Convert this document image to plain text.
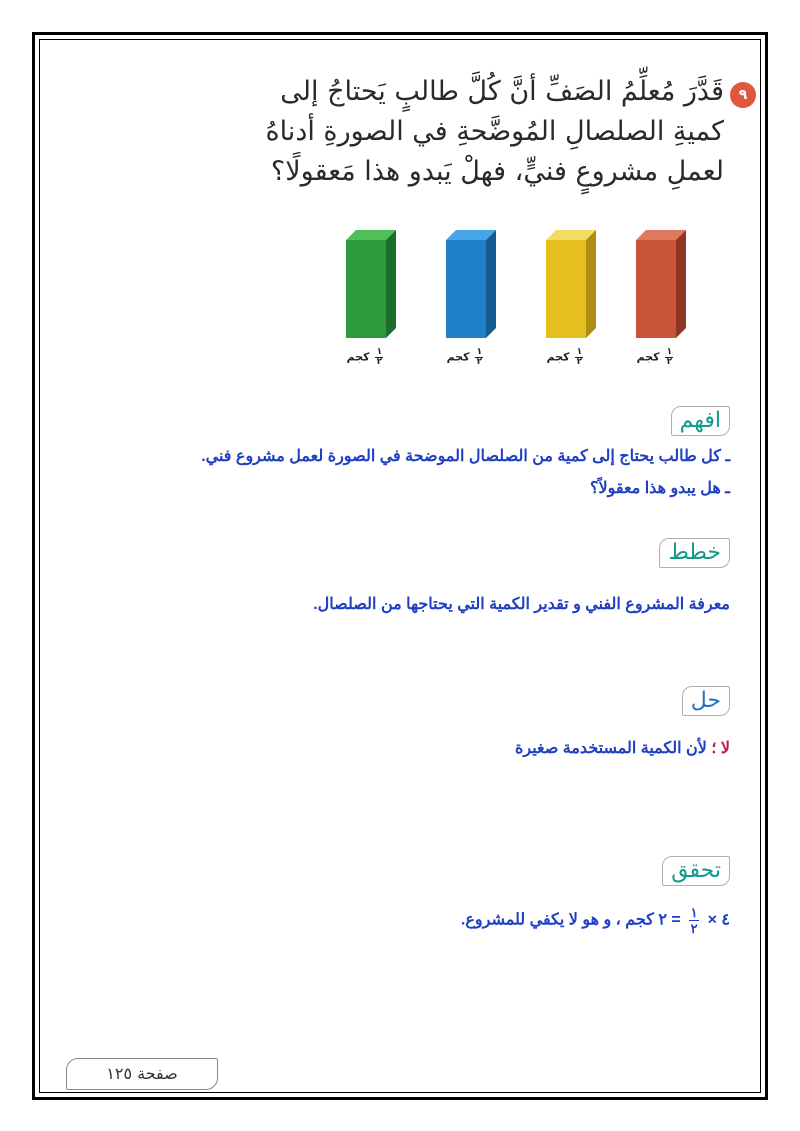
٩
قَدَّرَ مُعلِّمُ الصَفِّ أنَّ كُلَّ طالبٍ يَحتاجُ إلى
كميةِ الصلصالِ المُوضَّحةِ في الصورةِ أدناهُ
لعملِ مشروعٍ فنيٍّ، فهلْ يَبدو هذا مَعقولًا؟
$\frac{١}{٢}$
كجم	$\frac{١}{٢}$
كجم	$\frac{١}{٢}$
كجم	$\frac{١}{٢}$
كجم
افهم
ـ كل طالب يحتاج إلى كمية من الصلصال الموضحة في الصورة لعمل مشروع فني.
ـ هل يبدو هذا معقولاً؟
خطط
معرفة المشروع الفني و تقدير الكمية التي يحتاجها من الصلصال.
حل
لا ؛ لأن الكمية المستخدمة صغيرة
تحقق
٤ ×
١
٢
= ٢ كجم ، و هو لا يكفي للمشروع.
صفحة ١٢٥
